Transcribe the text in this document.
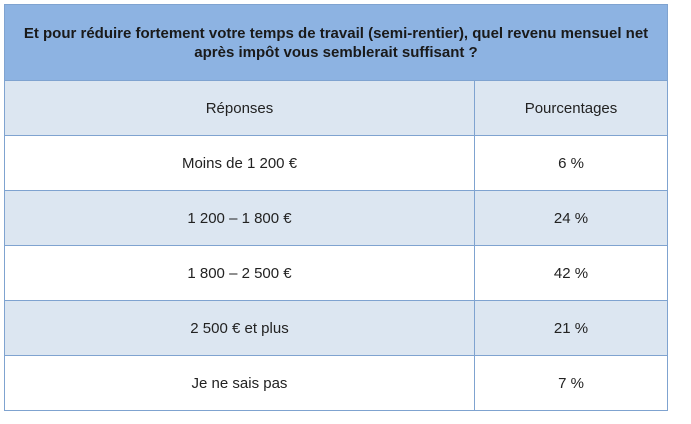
Et pour réduire fortement votre temps de travail (semi-rentier), quel revenu mensuel net après impôt vous semblerait suffisant ?	

Réponses	Pourcentages
Moins de 1 200 €	6 %
1 200 – 1 800 €	24 %
1 800 – 2 500 €	42 %
2 500 € et plus	21 %
Je ne sais pas	7 %
